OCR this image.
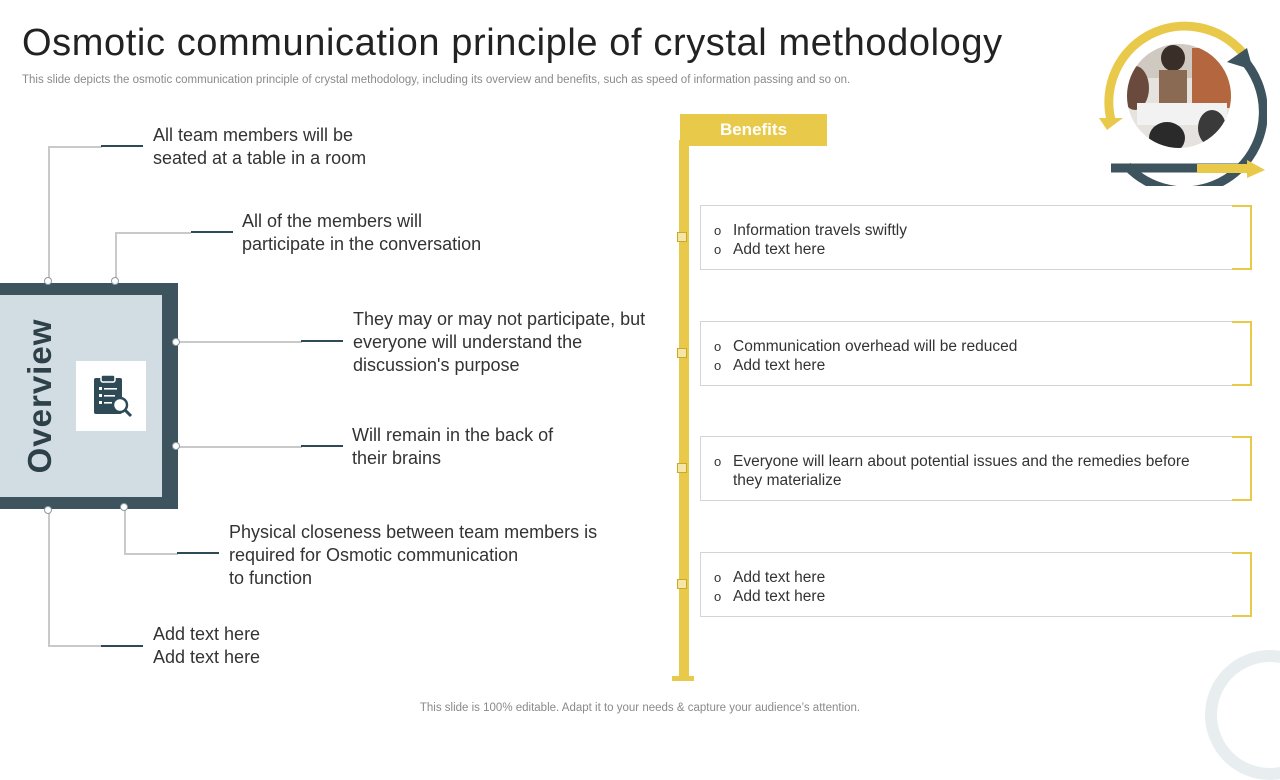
Osmotic communication principle of crystal methodology
This slide depicts the osmotic communication principle of crystal methodology, including its overview and benefits, such as speed of information passing and so on.
Overview
All team members will be
seated at a table in a room
All of the members will
participate in the conversation
They may or may not participate, but
everyone will understand the
discussion's purpose
Will remain in the back of
their brains
Physical closeness between team members is
required for Osmotic communication
to function
Add text here
Add text here
Benefits
o Information travels swiftly
o Add text here
o Communication overhead will be reduced
o Add text here
o Everyone will learn about potential issues and the remedies before they materialize
o Add text here
o Add text here
This slide is 100% editable. Adapt it to your needs & capture your audience’s attention.
